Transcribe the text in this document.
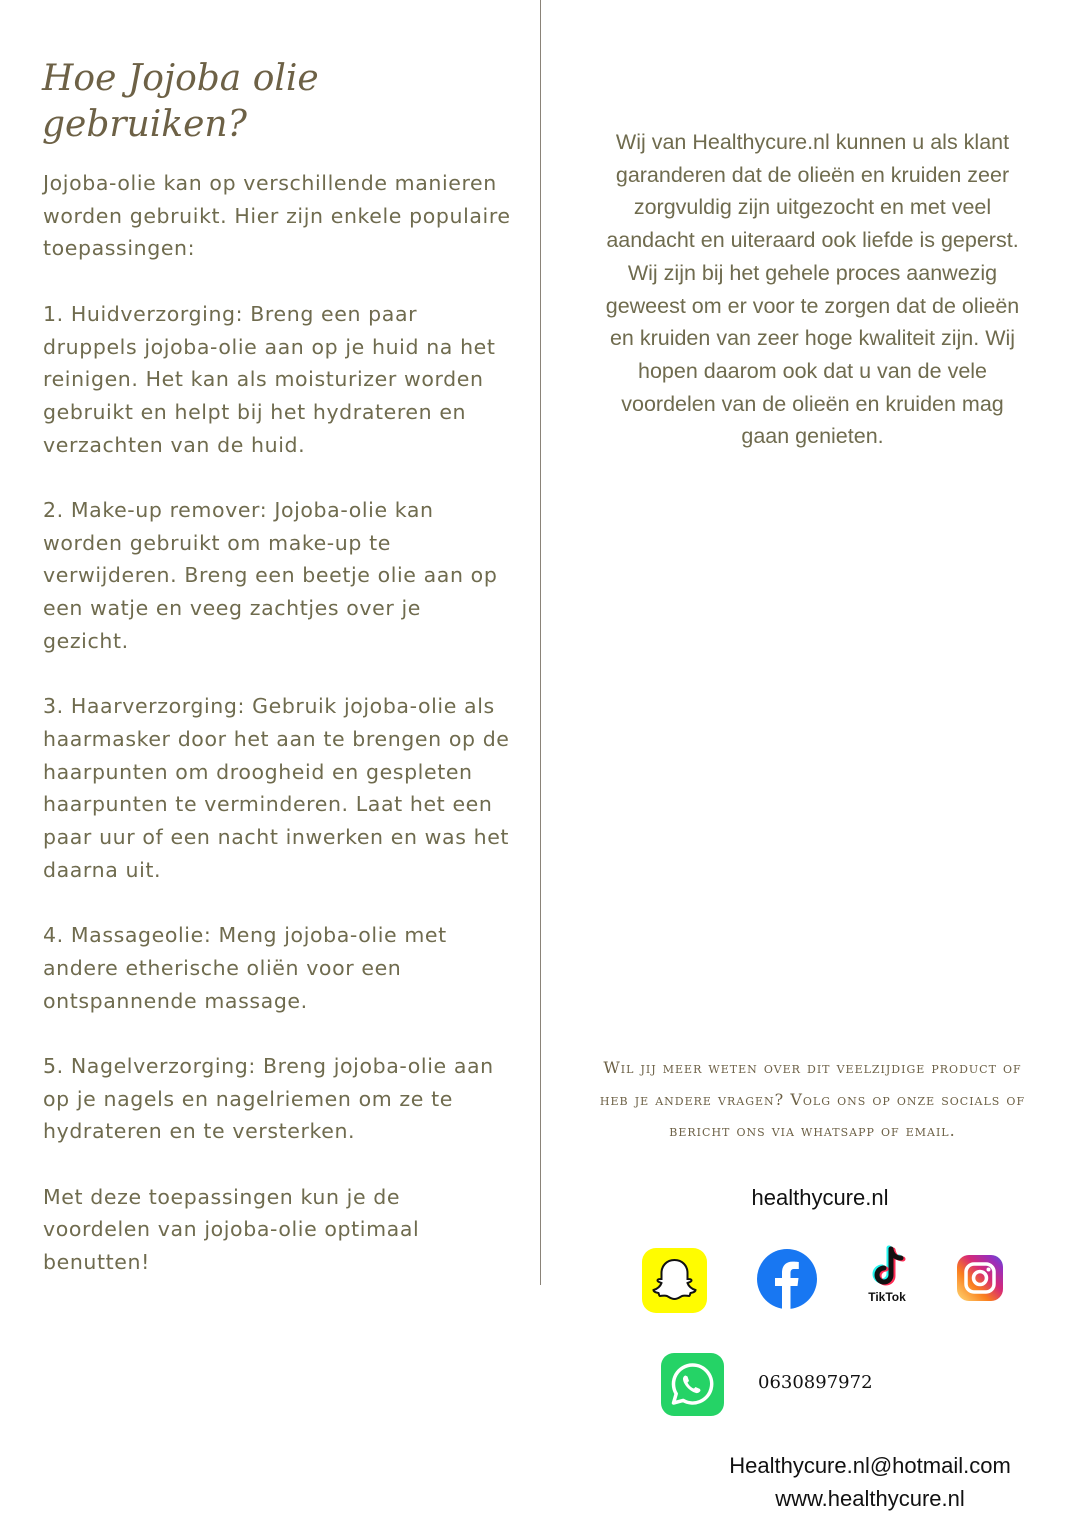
Hoe Jojoba olie gebruiken?

Jojoba-olie kan op verschillende manieren worden gebruikt. Hier zijn enkele populaire toepassingen:

1. Huidverzorging: Breng een paar druppels jojoba-olie aan op je huid na het reinigen. Het kan als moisturizer worden gebruikt en helpt bij het hydrateren en verzachten van de huid.

2. Make-up remover: Jojoba-olie kan worden gebruikt om make-up te verwijderen. Breng een beetje olie aan op een watje en veeg zachtjes over je gezicht.

3. Haarverzorging: Gebruik jojoba-olie als haarmasker door het aan te brengen op de haarpunten om droogheid en gespleten haarpunten te verminderen. Laat het een paar uur of een nacht inwerken en was het daarna uit.

4. Massageolie: Meng jojoba-olie met andere etherische oliën voor een ontspannende massage.

5. Nagelverzorging: Breng jojoba-olie aan op je nagels en nagelriemen om ze te hydrateren en te versterken.

Met deze toepassingen kun je de voordelen van jojoba-olie optimaal benutten!

Wij van Healthycure.nl kunnen u als klant garanderen dat de olieën en kruiden zeer zorgvuldig zijn uitgezocht en met veel aandacht en uiteraard ook liefde is geperst. Wij zijn bij het gehele proces aanwezig geweest om er voor te zorgen dat de olieën en kruiden van zeer hoge kwaliteit zijn. Wij hopen daarom ook dat u van de vele voordelen van de olieën en kruiden mag gaan genieten.
Wil jij meer weten over dit veelzijdige product of heb je andere vragen? Volg ons op onze socials of bericht ons via whatsapp of email.
healthycure.nl
TikTok
0630897972
Healthycure.nl@hotmail.com
www.healthycure.nl
